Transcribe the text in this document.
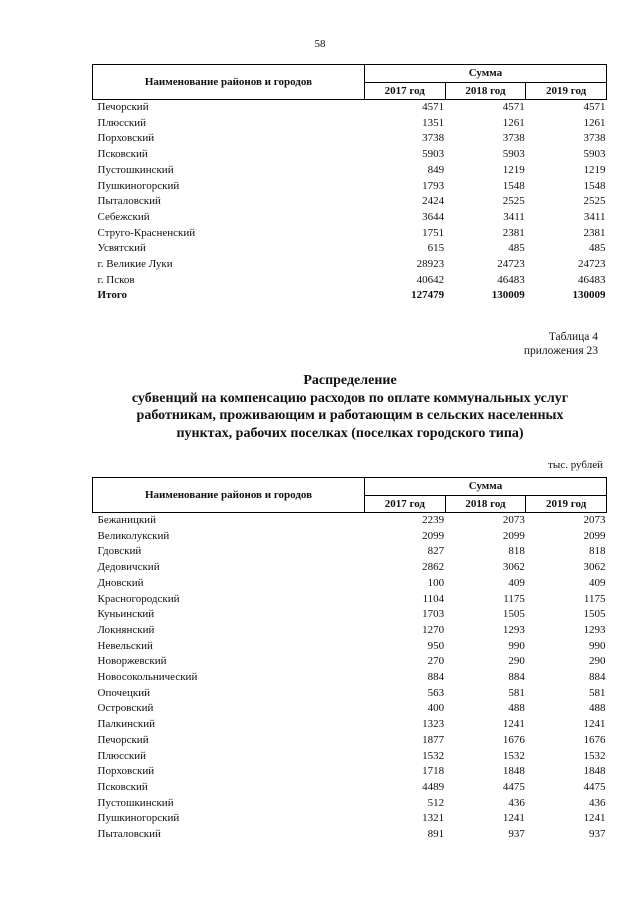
58
Наименование районов и городов	Сумма		
	2017 год	2018 год	2019 год
Печорский	4571	4571	4571
Плюсский	1351	1261	1261
Порховский	3738	3738	3738
Псковский	5903	5903	5903
Пустошкинский	849	1219	1219
Пушкиногорский	1793	1548	1548
Пыталовский	2424	2525	2525
Себежский	3644	3411	3411
Струго-Красненский	1751	2381	2381
Усвятский	615	485	485
г. Великие Луки	28923	24723	24723
г. Псков	40642	46483	46483
Итого	127479	130009	130009
Таблица 4
приложения 23
Распределение
субвенций на компенсацию расходов по оплате коммунальных услуг
работникам, проживающим и работающим в сельских населенных
пунктах, рабочих поселках (поселках городского типа)
тыс. рублей
Наименование районов и городов	Сумма		
	2017 год	2018 год	2019 год
Бежаницкий	2239	2073	2073
Великолукский	2099	2099	2099
Гдовский	827	818	818
Дедовичский	2862	3062	3062
Дновский	100	409	409
Красногородский	1104	1175	1175
Куньинский	1703	1505	1505
Локнянский	1270	1293	1293
Невельский	950	990	990
Новоржевский	270	290	290
Новосокольнический	884	884	884
Опочецкий	563	581	581
Островский	400	488	488
Палкинский	1323	1241	1241
Печорский	1877	1676	1676
Плюсский	1532	1532	1532
Порховский	1718	1848	1848
Псковский	4489	4475	4475
Пустошкинский	512	436	436
Пушкиногорский	1321	1241	1241
Пыталовский	891	937	937
